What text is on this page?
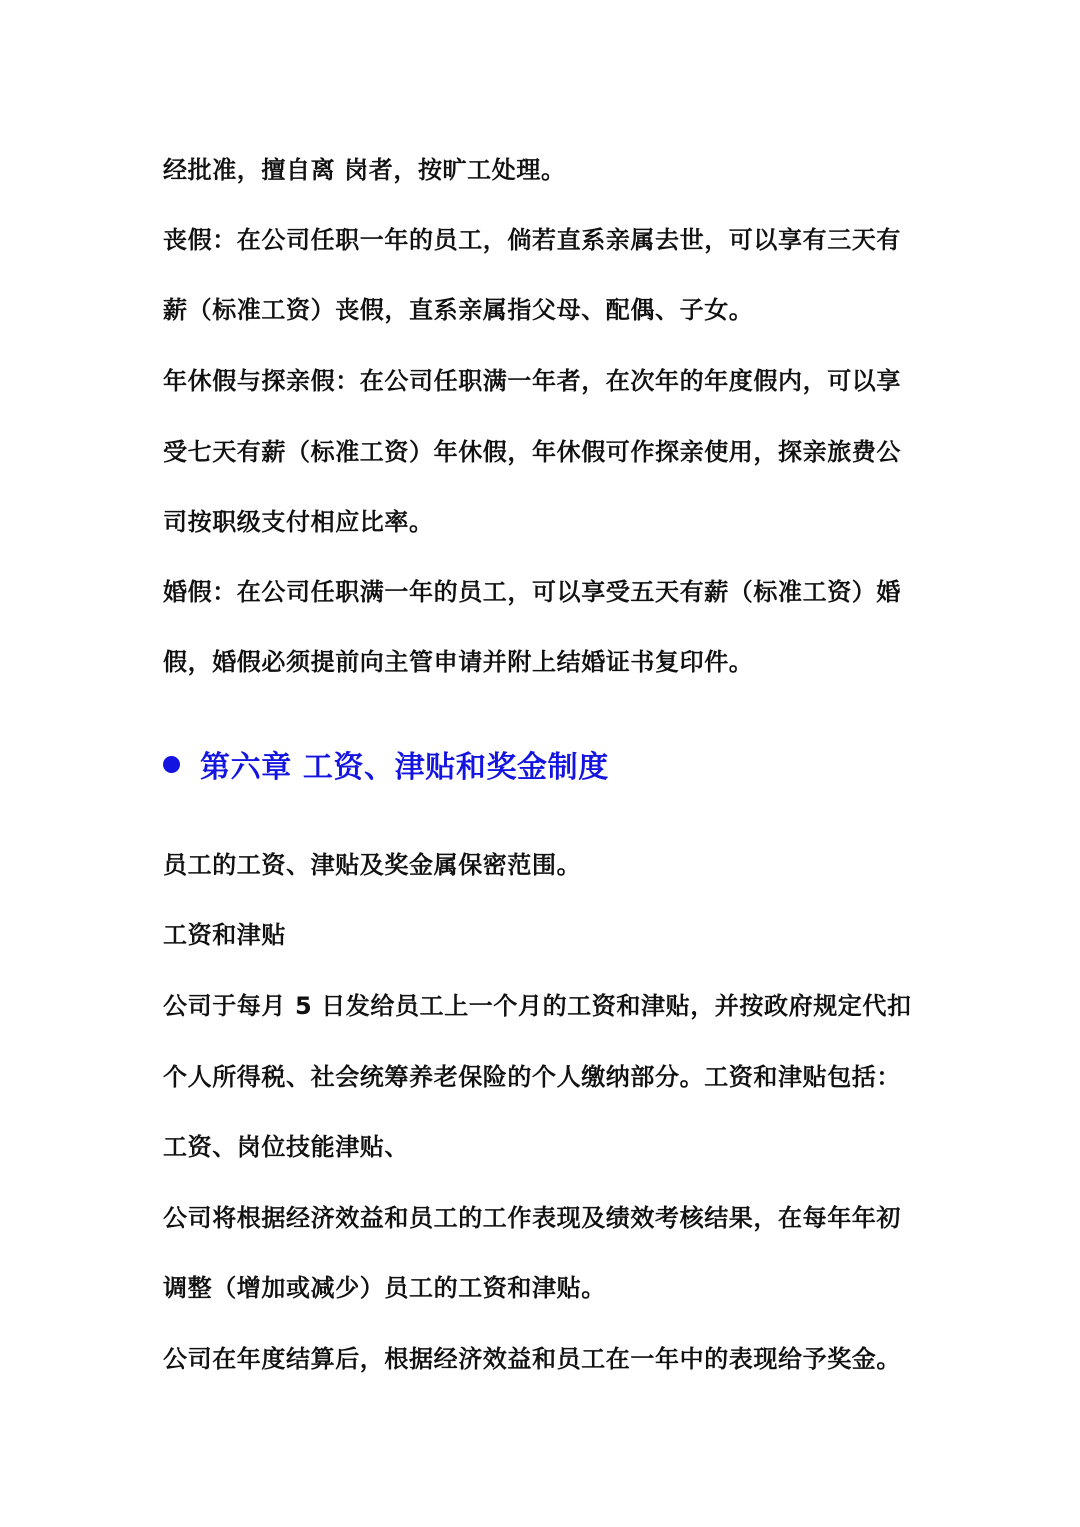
经批准，擅自离 岗者，按旷工处理。
丧假：在公司任职一年的员工，倘若直系亲属去世，可以享有三天有
薪（标准工资）丧假，直系亲属指父母、配偶、子女。
年休假与探亲假：在公司任职满一年者，在次年的年度假内，可以享
受七天有薪（标准工资）年休假，年休假可作探亲使用，探亲旅费公
司按职级支付相应比率。
婚假：在公司任职满一年的员工，可以享受五天有薪（标准工资）婚
假，婚假必须提前向主管申请并附上结婚证书复印件。
第六章 工资、津贴和奖金制度
员工的工资、津贴及奖金属保密范围。
工资和津贴
公司于每月 5 日发给员工上一个月的工资和津贴，并按政府规定代扣
个人所得税、社会统筹养老保险的个人缴纳部分。工资和津贴包括：
工资、岗位技能津贴、
公司将根据经济效益和员工的工作表现及绩效考核结果，在每年年初
调整（增加或减少）员工的工资和津贴。
公司在年度结算后，根据经济效益和员工在一年中的表现给予奖金。
